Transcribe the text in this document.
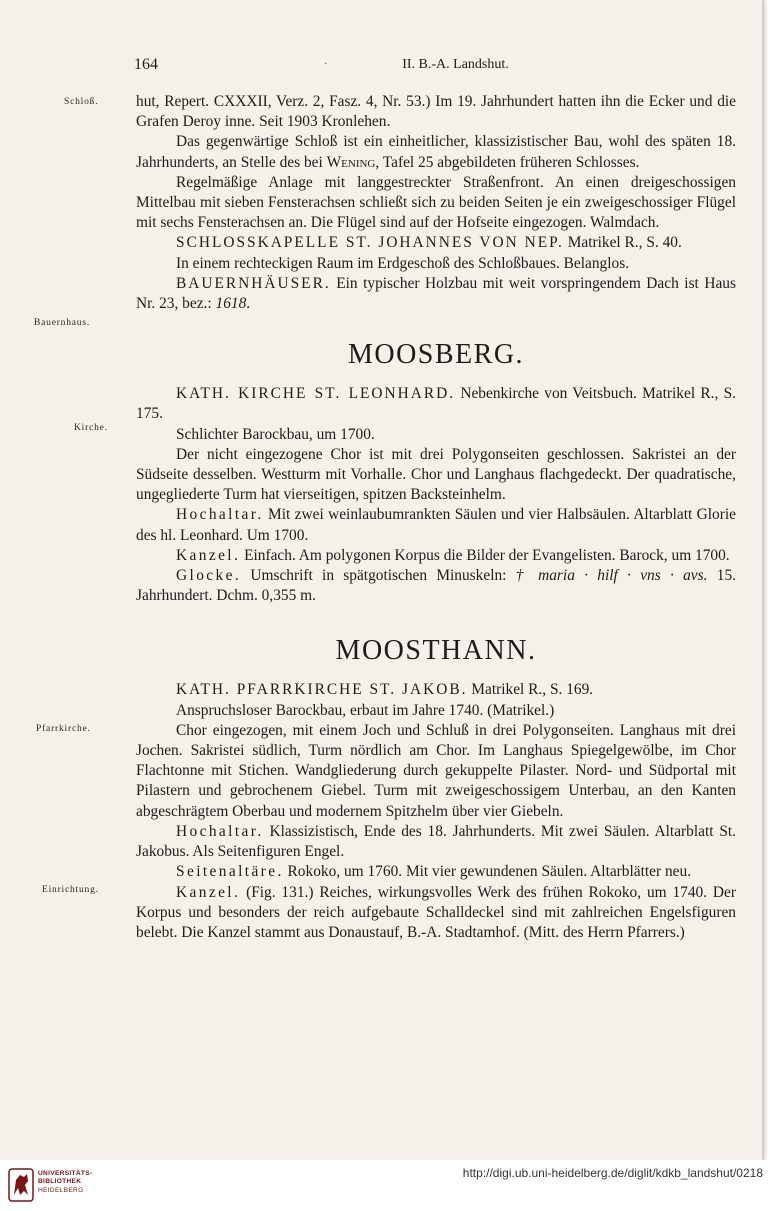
164	·	II. B.-A. Landshut.
Schloß.
Bauernhaus.
Kirche.
Pfarrkirche.
Einrichtung.

hut, Repert. CXXXII, Verz. 2, Fasz. 4, Nr. 53.) Im 19. Jahrhundert hatten ihn die Ecker und die Grafen Deroy inne. Seit 1903 Kronlehen.

Das gegenwärtige Schloß ist ein einheitlicher, klassizistischer Bau, wohl des späten 18. Jahrhunderts, an Stelle des bei Wening, Tafel 25 abgebildeten früheren Schlosses.

Regelmäßige Anlage mit langgestreckter Straßenfront. An einen dreigeschossigen Mittelbau mit sieben Fensterachsen schließt sich zu beiden Seiten je ein zweigeschossiger Flügel mit sechs Fensterachsen an. Die Flügel sind auf der Hofseite eingezogen. Walmdach.

SCHLOSSKAPELLE ST. JOHANNES VON NEP. Matrikel R., S. 40.

In einem rechteckigen Raum im Erdgeschoß des Schloßbaues. Belanglos.

BAUERNHÄUSER. Ein typischer Holzbau mit weit vorspringendem Dach ist Haus Nr. 23, bez.: 1618.

MOOSBERG.

KATH. KIRCHE ST. LEONHARD. Nebenkirche von Veitsbuch. Matrikel R., S. 175.

Schlichter Barockbau, um 1700.

Der nicht eingezogene Chor ist mit drei Polygonseiten geschlossen. Sakristei an der Südseite desselben. Westturm mit Vorhalle. Chor und Langhaus flachgedeckt. Der quadratische, ungegliederte Turm hat vierseitigen, spitzen Backsteinhelm.

Hochaltar. Mit zwei weinlaubumrankten Säulen und vier Halbsäulen. Altarblatt Glorie des hl. Leonhard. Um 1700.

Kanzel. Einfach. Am polygonen Korpus die Bilder der Evangelisten. Barock, um 1700.

Glocke. Umschrift in spätgotischen Minuskeln: † maria · hilf · vns · avs. 15. Jahrhundert. Dchm. 0,355 m.

MOOSTHANN.

KATH. PFARRKIRCHE ST. JAKOB. Matrikel R., S. 169.

Anspruchsloser Barockbau, erbaut im Jahre 1740. (Matrikel.)

Chor eingezogen, mit einem Joch und Schluß in drei Polygonseiten. Langhaus mit drei Jochen. Sakristei südlich, Turm nördlich am Chor. Im Langhaus Spiegelgewölbe, im Chor Flachtonne mit Stichen. Wandgliederung durch gekuppelte Pilaster. Nord- und Südportal mit Pilastern und gebrochenem Giebel. Turm mit zweigeschossigem Unterbau, an den Kanten abgeschrägtem Oberbau und modernem Spitzhelm über vier Giebeln.

Hochaltar. Klassizistisch, Ende des 18. Jahrhunderts. Mit zwei Säulen. Altarblatt St. Jakobus. Als Seitenfiguren Engel.

Seitenaltäre. Rokoko, um 1760. Mit vier gewundenen Säulen. Altarblätter neu.

Kanzel. (Fig. 131.) Reiches, wirkungsvolles Werk des frühen Rokoko, um 1740. Der Korpus und besonders der reich aufgebaute Schalldeckel sind mit zahlreichen Engelsfiguren belebt. Die Kanzel stammt aus Donaustauf, B.-A. Stadtamhof. (Mitt. des Herrn Pfarrers.)

UNIVERSITÄTS-
BIBLIOTHEK
HEIDELBERG
http://digi.ub.uni-heidelberg.de/diglit/kdkb_landshut/0218
